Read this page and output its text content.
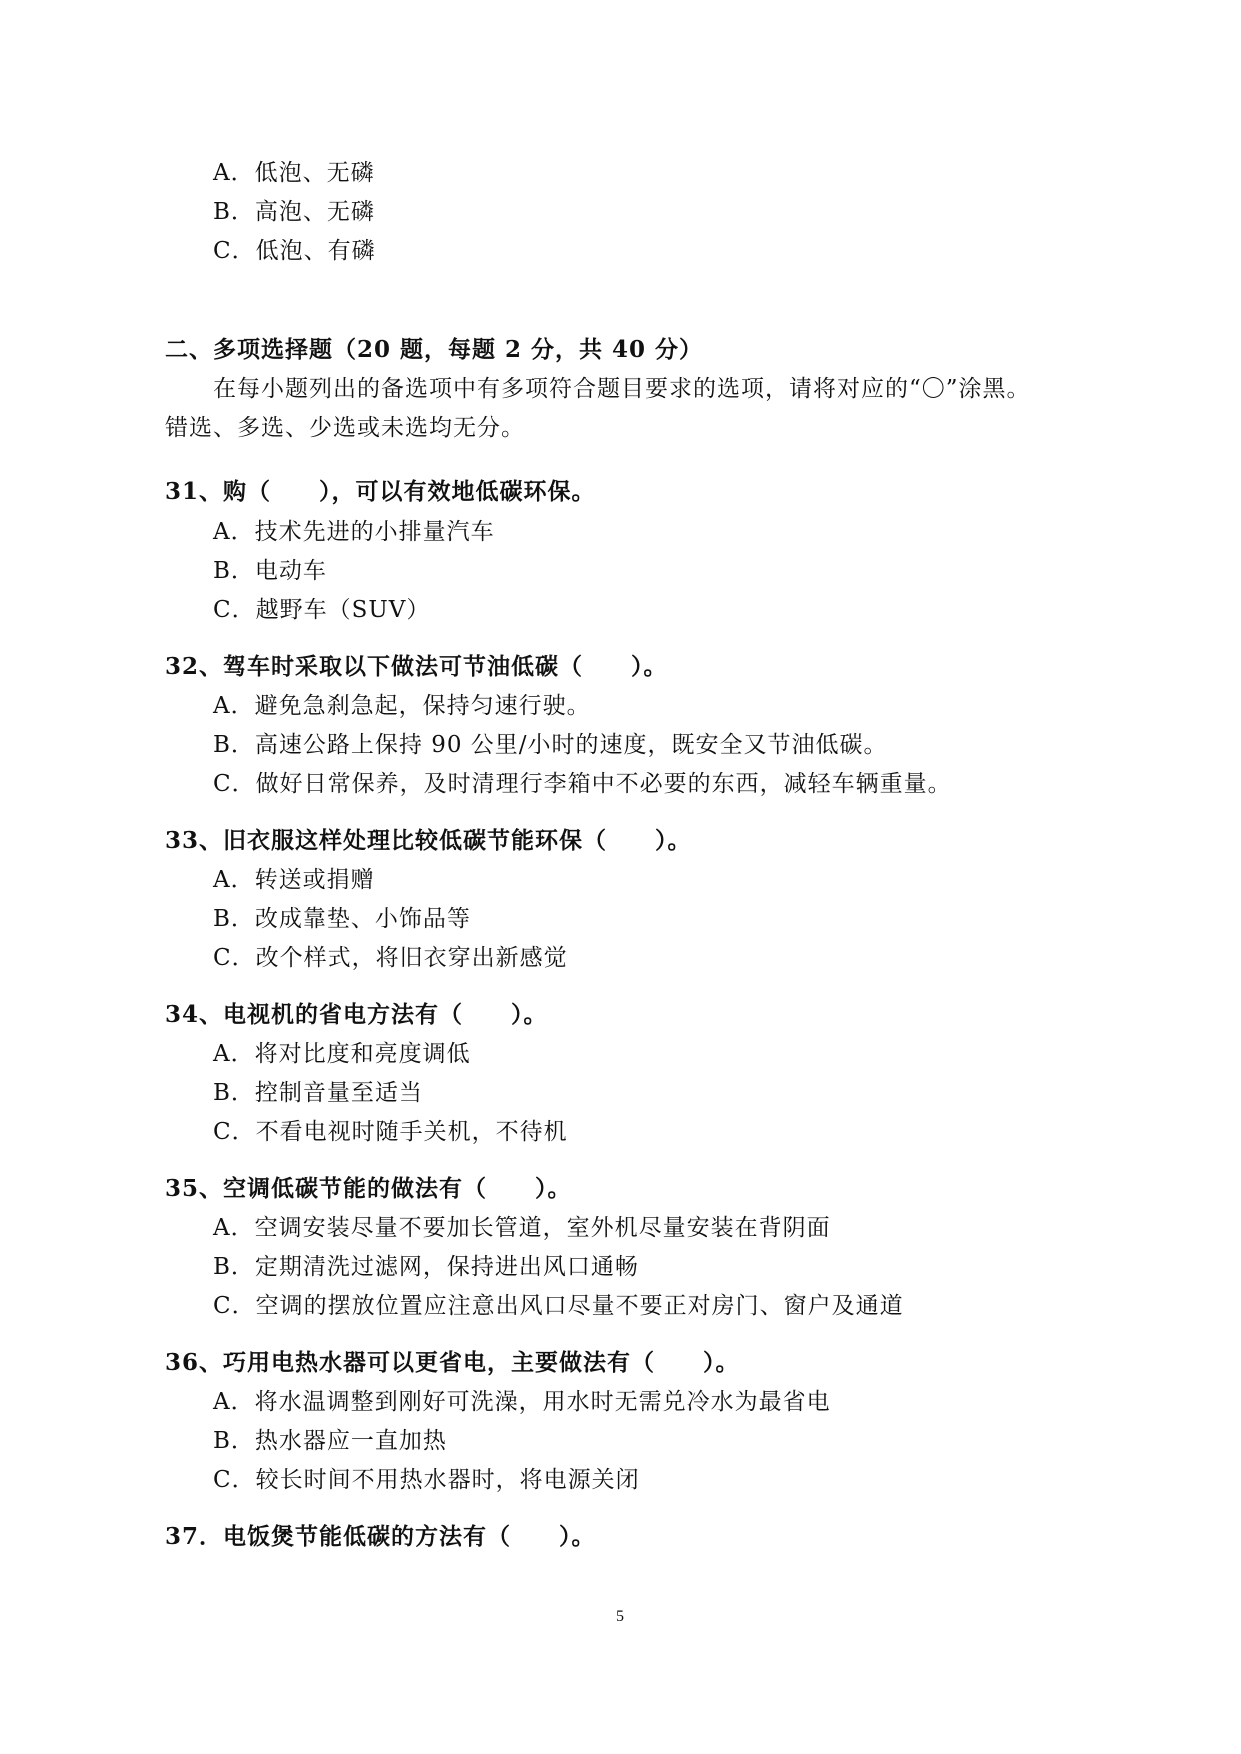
A．低泡、无磷
B．高泡、无磷
C．低泡、有磷
二、多项选择题（20 题，每题 2 分，共 40 分）
在每小题列出的备选项中有多项符合题目要求的选项，请将对应的“〇”涂黑。
错选、多选、少选或未选均无分。
31、购（　　），可以有效地低碳环保。
A．技术先进的小排量汽车
B．电动车
C．越野车（SUV）
32、驾车时采取以下做法可节油低碳（　　）。
A．避免急刹急起，保持匀速行驶。
B．高速公路上保持 90 公里/小时的速度，既安全又节油低碳。
C．做好日常保养，及时清理行李箱中不必要的东西，减轻车辆重量。
33、旧衣服这样处理比较低碳节能环保（　　）。
A．转送或捐赠
B．改成靠垫、小饰品等
C．改个样式，将旧衣穿出新感觉
34、电视机的省电方法有（　　）。
A．将对比度和亮度调低
B．控制音量至适当
C．不看电视时随手关机，不待机
35、空调低碳节能的做法有（　　）。
A．空调安装尽量不要加长管道，室外机尽量安装在背阴面
B．定期清洗过滤网，保持进出风口通畅
C．空调的摆放位置应注意出风口尽量不要正对房门、窗户及通道
36、巧用电热水器可以更省电，主要做法有（　　）。
A．将水温调整到刚好可洗澡，用水时无需兑冷水为最省电
B．热水器应一直加热
C．较长时间不用热水器时，将电源关闭
37．电饭煲节能低碳的方法有（　　）。
5
